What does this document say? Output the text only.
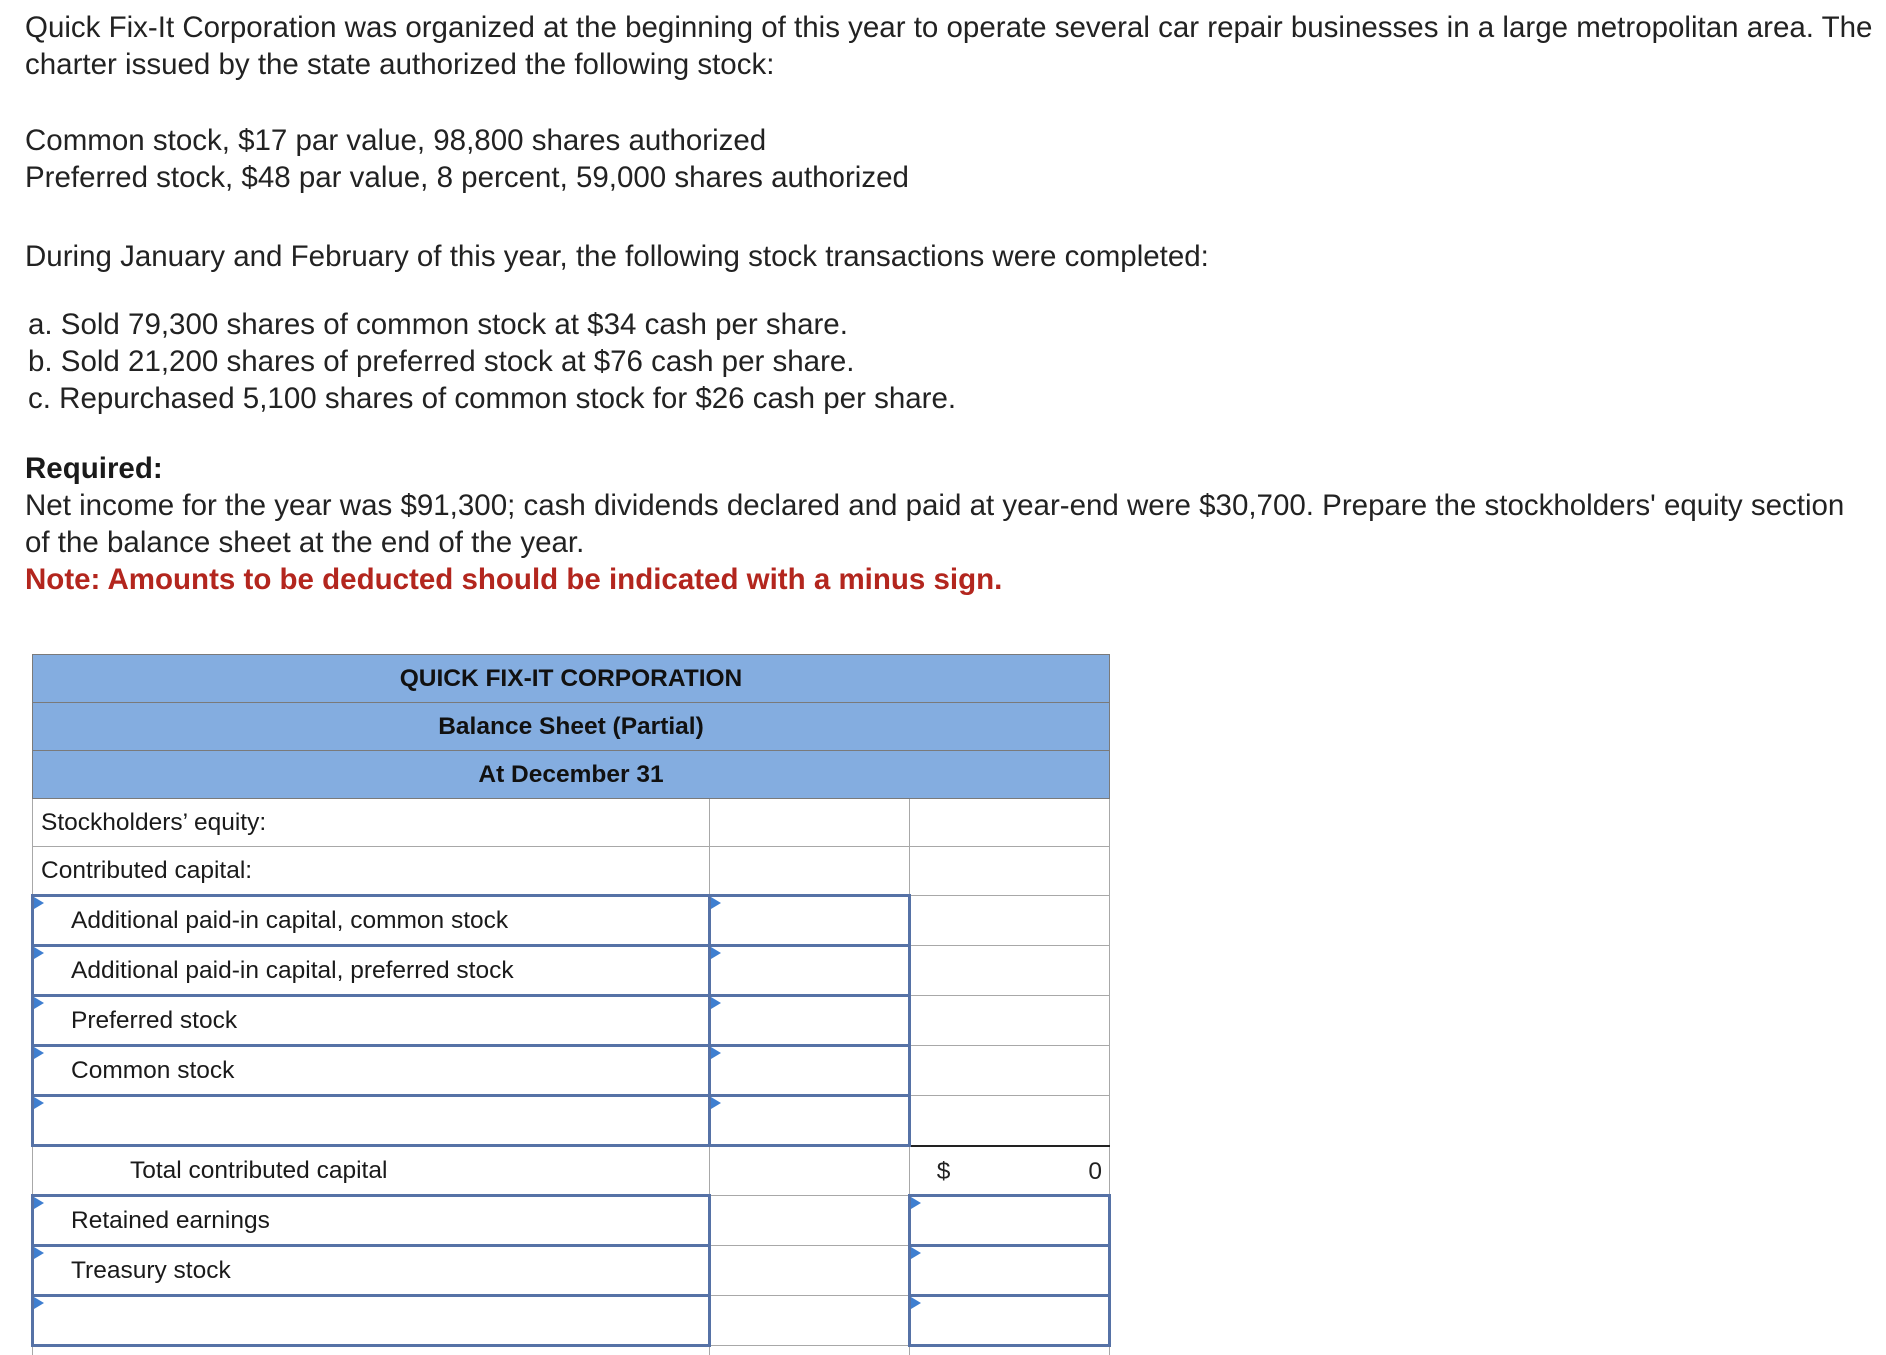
Quick Fix-It Corporation was organized at the beginning of this year to operate several car repair businesses in a large metropolitan area. The charter issued by the state authorized the following stock:

Common stock, $17 par value, 98,800 shares authorized

Preferred stock, $48 par value, 8 percent, 59,000 shares authorized

During January and February of this year, the following stock transactions were completed:

a. Sold 79,300 shares of common stock at $34 cash per share.

b. Sold 21,200 shares of preferred stock at $76 cash per share.

c. Repurchased 5,100 shares of common stock for $26 cash per share.

Required:

Net income for the year was $91,300; cash dividends declared and paid at year-end were $30,700. Prepare the stockholders' equity section of the balance sheet at the end of the year.

Note: Amounts to be deducted should be indicated with a minus sign.

QUICK FIX-IT CORPORATION		
Balance Sheet (Partial)		
At December 31		
Stockholders’ equity:		
Contributed capital:		

Additional paid-in capital, common stock	

Additional paid-in capital, preferred stock	

Preferred stock	

Common stock	

Total contributed capital		$ 0

Retained earnings		

Treasury stock		
